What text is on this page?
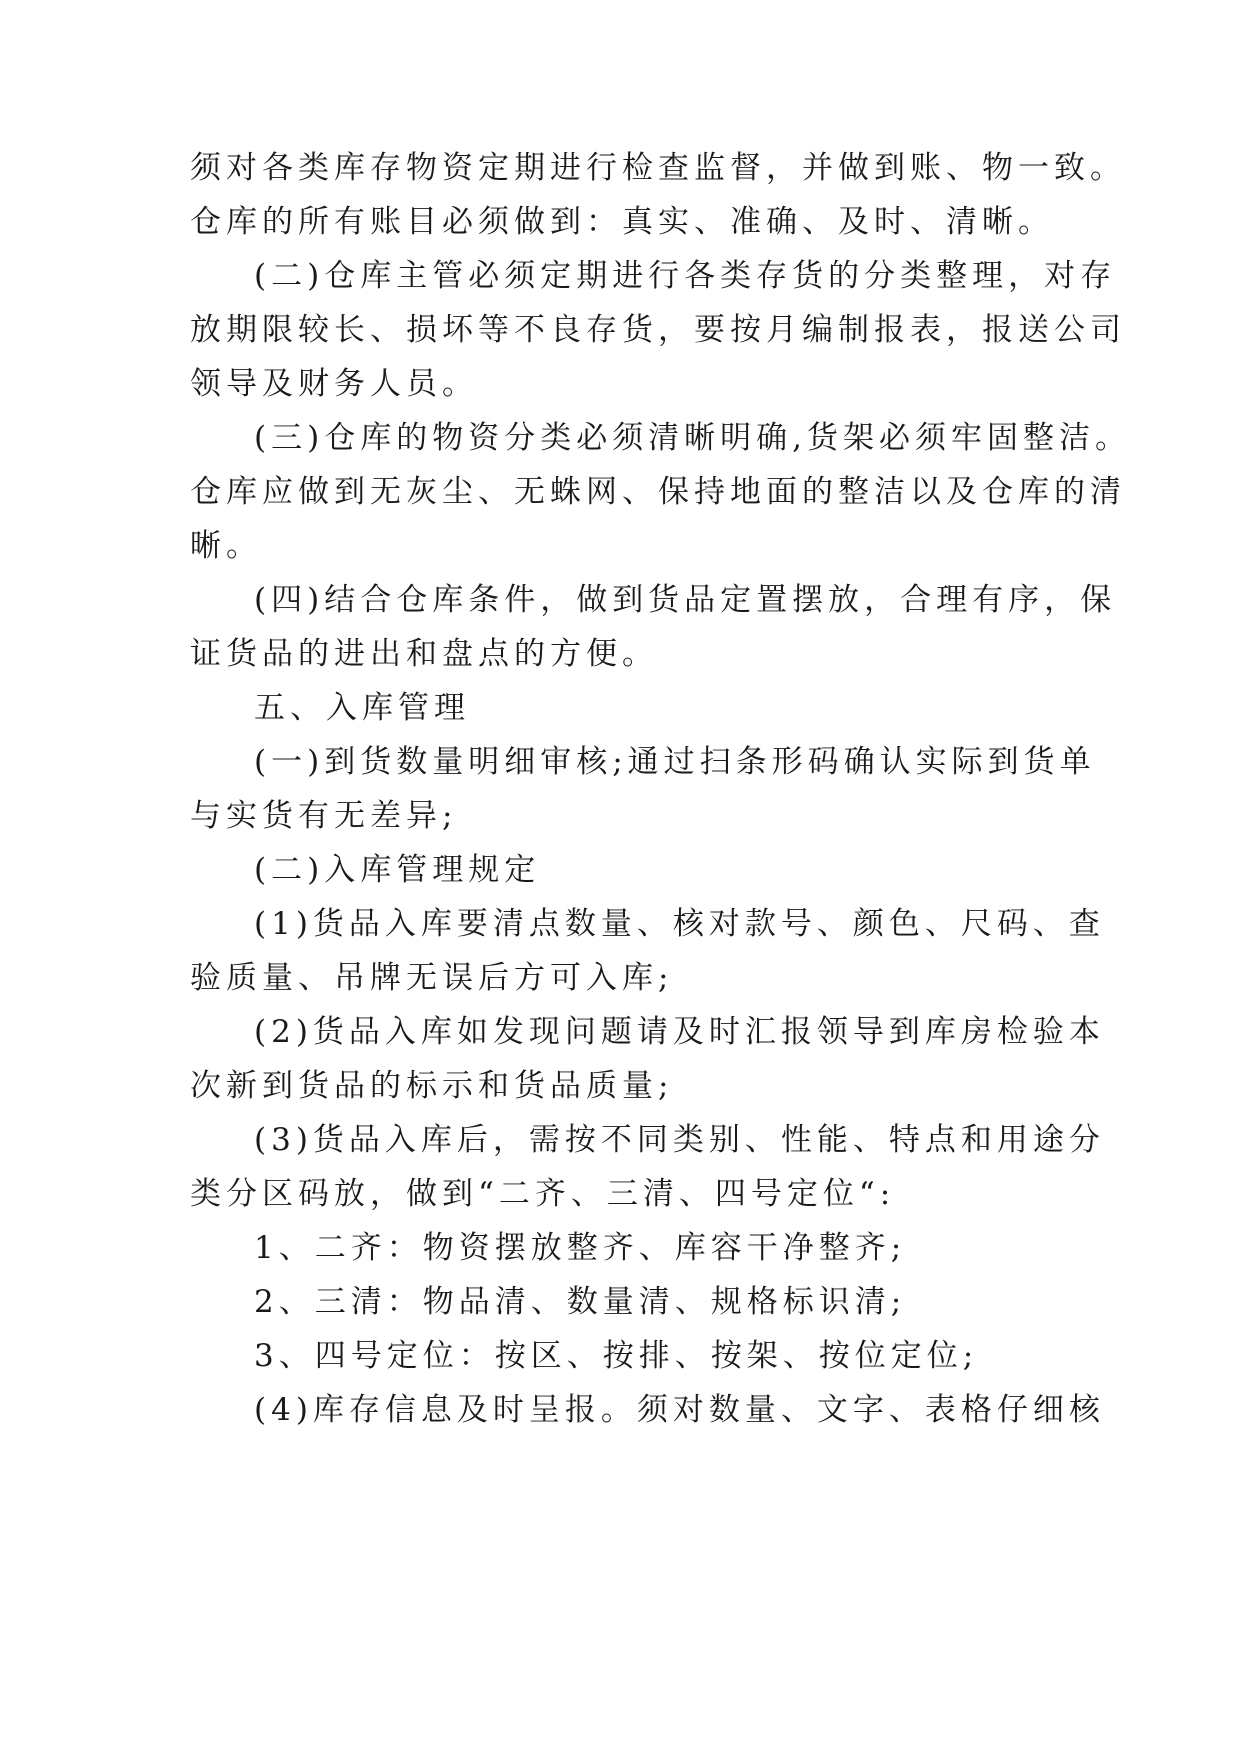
须对各类库存物资定期进行检查监督，并做到账、物一致。
仓库的所有账目必须做到：真实、准确、及时、清晰。
(二)仓库主管必须定期进行各类存货的分类整理，对存
放期限较长、损坏等不良存货，要按月编制报表，报送公司
领导及财务人员。
(三)仓库的物资分类必须清晰明确,货架必须牢固整洁。
仓库应做到无灰尘、无蛛网、保持地面的整洁以及仓库的清
晰。
(四)结合仓库条件，做到货品定置摆放，合理有序，保
证货品的进出和盘点的方便。
五、入库管理
(一)到货数量明细审核;通过扫条形码确认实际到货单
与实货有无差异;
(二)入库管理规定
(1)货品入库要清点数量、核对款号、颜色、尺码、查
验质量、吊牌无误后方可入库;
(2)货品入库如发现问题请及时汇报领导到库房检验本
次新到货品的标示和货品质量;
(3)货品入库后，需按不同类别、性能、特点和用途分
类分区码放，做到“二齐、三清、四号定位“:
1、二齐：物资摆放整齐、库容干净整齐;
2、三清：物品清、数量清、规格标识清;
3、四号定位：按区、按排、按架、按位定位;
(4)库存信息及时呈报。须对数量、文字、表格仔细核
